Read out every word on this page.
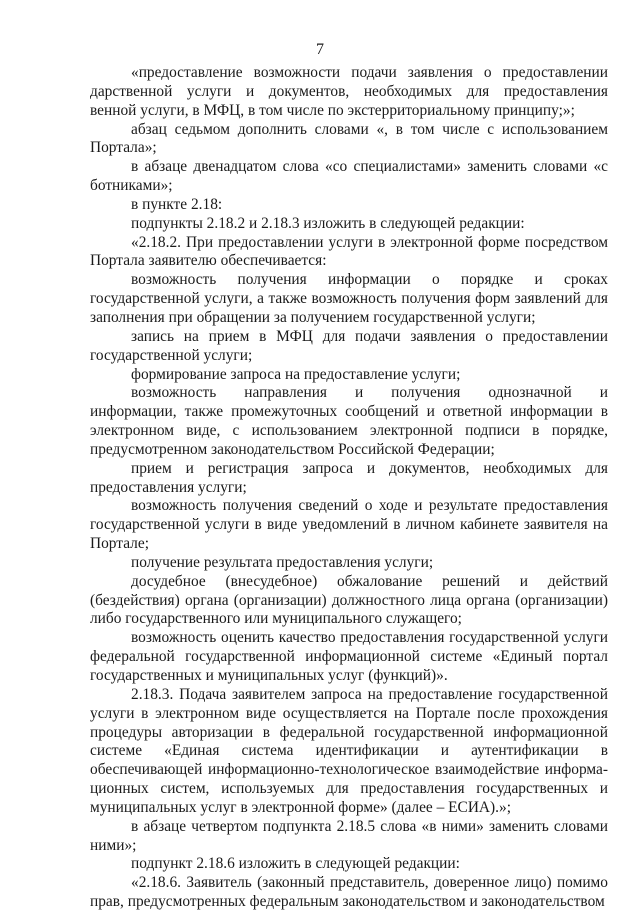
7
«предоставление возможности подачи заявления о предоставлении
дарственной услуги и документов, необходимых для предоставления
венной услуги, в МФЦ, в том числе по экстерриториальному принципу;»;
абзац седьмом дополнить словами «, в том числе с использованием
Портала»;
в абзаце двенадцатом слова «со специалистами» заменить словами «с
ботниками»;
в пункте 2.18:
подпункты 2.18.2 и 2.18.3 изложить в следующей редакции:
«2.18.2. При предоставлении услуги в электронной форме посредством
Портала заявителю обеспечивается:
возможность получения информации о порядке и сроках
государственной услуги, а также возможность получения форм заявлений для
заполнения при обращении за получением государственной услуги;
запись на прием в МФЦ для подачи заявления о предоставлении
государственной услуги;
формирование запроса на предоставление услуги;
возможность направления и получения однозначной и
информации, также промежуточных сообщений и ответной информации в
электронном виде, с использованием электронной подписи в порядке,
предусмотренном законодательством Российской Федерации;
прием и регистрация запроса и документов, необходимых для
предоставления услуги;
возможность получения сведений о ходе и результате предоставления
государственной услуги в виде уведомлений в личном кабинете заявителя на
Портале;
получение результата предоставления услуги;
досудебное (внесудебное) обжалование решений и действий
(бездействия) органа (организации) должностного лица органа (организации)
либо государственного или муниципального служащего;
возможность оценить качество предоставления государственной услуги
федеральной государственной информационной системе «Единый портал
государственных и муниципальных услуг (функций)».
2.18.3. Подача заявителем запроса на предоставление государственной
услуги в электронном виде осуществляется на Портале после прохождения
процедуры авторизации в федеральной государственной информационной
системе «Единая система идентификации и аутентификации в
обеспечивающей информационно-технологическое взаимодействие информа-
ционных систем, используемых для предоставления государственных и
муниципальных услуг в электронной форме» (далее – ЕСИА).»;
в абзаце четвертом подпункта 2.18.5 слова «в ними» заменить словами
ними»;
подпункт 2.18.6 изложить в следующей редакции:
«2.18.6. Заявитель (законный представитель, доверенное лицо) помимо
прав, предусмотренных федеральным законодательством и законодательством
